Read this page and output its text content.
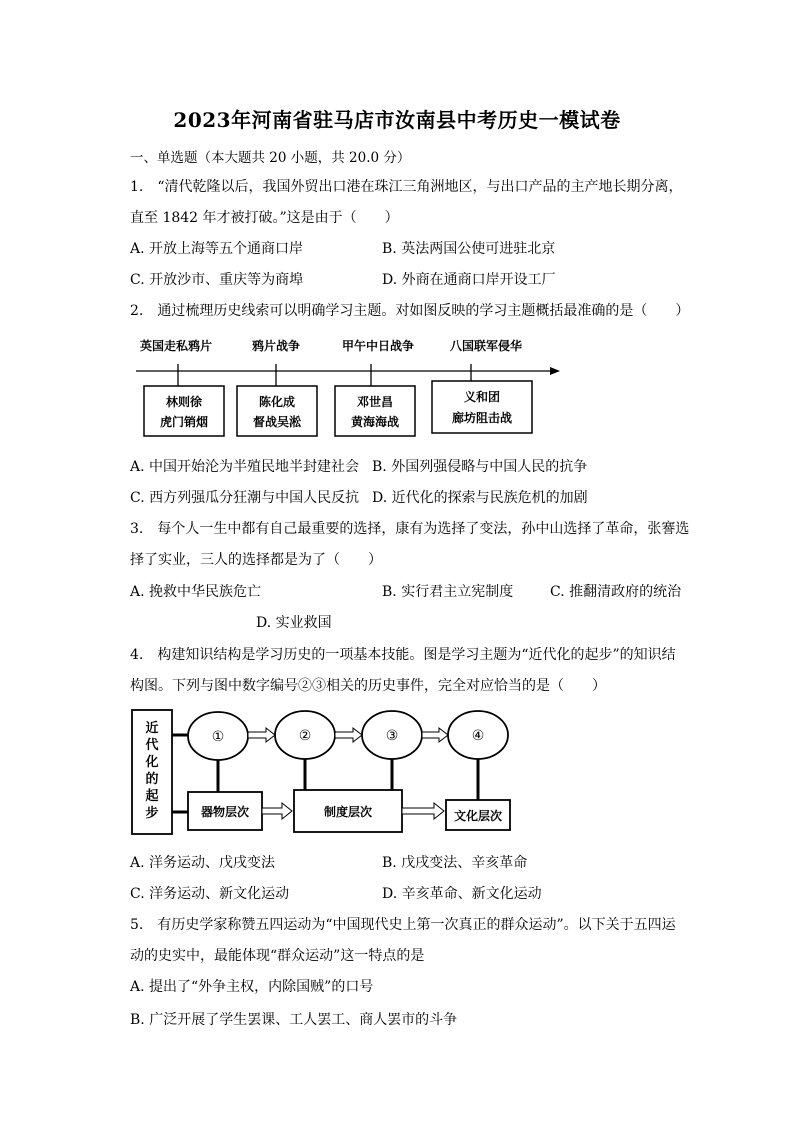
2023年河南省驻马店市汝南县中考历史一模试卷
一、单选题（本大题共 20 小题，共 20.0 分）
1.　“清代乾隆以后，我国外贸出口港在珠江三角洲地区，与出口产品的主产地长期分离，
直至 1842 年才被打破。”这是由于（　　）
A. 开放上海等五个通商口岸	B. 英法两国公使可进驻北京
C. 开放沙市、重庆等为商埠	D. 外商在通商口岸开设工厂
2.　通过梳理历史线索可以明确学习主题。对如图反映的学习主题概括最准确的是（　　）
英国走私鸦片	鸦片战争	甲午中日战争	八国联军侵华
林则徐
虎门销烟
陈化成
督战吴淞
邓世昌
黄海海战
义和团
廊坊阻击战
A. 中国开始沦为半殖民地半封建社会 B. 外国列强侵略与中国人民的抗争
C. 西方列强瓜分狂潮与中国人民反抗 D. 近代化的探索与民族危机的加剧
3.　每个人一生中都有自己最重要的选择，康有为选择了变法，孙中山选择了革命，张謇选
择了实业，三人的选择都是为了（　　）
A. 挽救中华民族危亡	B. 实行君主立宪制度	C. 推翻清政府的统治
D. 实业救国
4.　构建知识结构是学习历史的一项基本技能。图是学习主题为“近代化的起步”的知识结
构图。下列与图中数字编号②③相关的历史事件，完全对应恰当的是（　　）
近
代
化
的
起
步
①	②	③	④
器物层次	制度层次	文化层次
A. 洋务运动、戊戌变法	B. 戊戌变法、辛亥革命
C. 洋务运动、新文化运动	D. 辛亥革命、新文化运动
5.　有历史学家称赞五四运动为“中国现代史上第一次真正的群众运动”。以下关于五四运
动的史实中，最能体现“群众运动”这一特点的是
A. 提出了“外争主权，内除国贼”的口号
B. 广泛开展了学生罢课、工人罢工、商人罢市的斗争
